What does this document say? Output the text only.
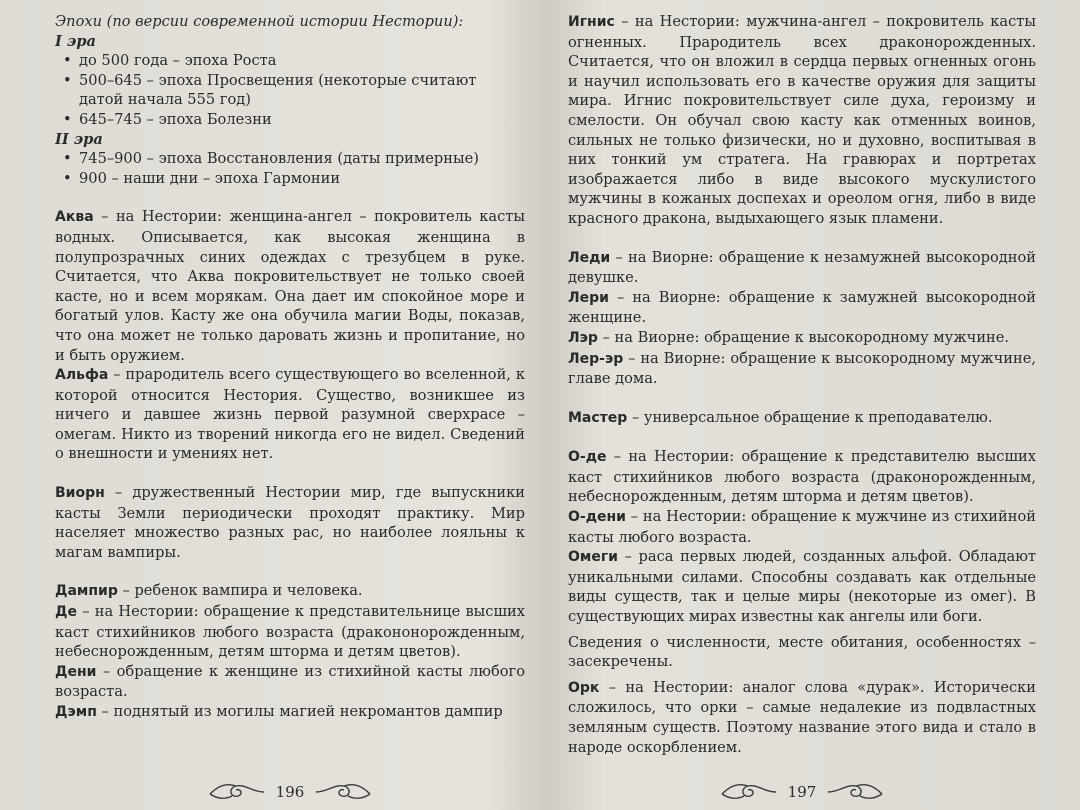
Эпохи (по версии современной истории Нестории):

I эра

• до 500 года – эпоха Роста
• 500–645 – эпоха Просвещения (некоторые считают датой начала 555 год)
• 645–745 – эпоха Болезни

II эра

• 745–900 – эпоха Восстановления (даты примерные)
• 900 – наши дни – эпоха Гармонии

Аква – на Нестории: женщина-ангел – покровитель касты водных. Описывается, как высокая женщина в полупрозрачных синих одеждах с трезубцем в руке. Считается, что Аква покровительствует не только своей касте, но и всем морякам. Она дает им спокойное море и богатый улов. Касту же она обучила магии Воды, показав, что она может не только даровать жизнь и пропитание, но и быть оружием.

Альфа – прародитель всего существующего во вселенной, к которой относится Нестория. Существо, возникшее из ничего и давшее жизнь первой разумной сверхрасе – омегам. Никто из творений никогда его не видел. Сведений о внешности и умениях нет.

Виорн – дружественный Нестории мир, где выпускники касты Земли периодически проходят практику. Мир населяет множество разных рас, но наиболее лояльны к магам вампиры.

Дампир – ребенок вампира и человека.

Де – на Нестории: обращение к представительнице высших каст стихийников любого возраста (дракононорожденным, небеснорожденным, детям шторма и детям цветов).

Дени – обращение к женщине из стихийной касты любого возраста.

Дэмп – поднятый из могилы магией некромантов дампир

196

Игнис – на Нестории: мужчина-ангел – покровитель касты огненных. Прародитель всех драконорожденных. Считается, что он вложил в сердца первых огненных огонь и научил использовать его в качестве оружия для защиты мира. Игнис покровительствует силе духа, героизму и смелости. Он обучал свою касту как отменных воинов, сильных не только физически, но и духовно, воспитывая в них тонкий ум стратега. На гравюрах и портретах изображается либо в виде высокого мускулистого мужчины в кожаных доспехах и ореолом огня, либо в виде красного дракона, выдыхающего язык пламени.

Леди – на Виорне: обращение к незамужней высокородной девушке.

Лери – на Виорне: обращение к замужней высокородной женщине.

Лэр – на Виорне: обращение к высокородному мужчине.

Лер-эр – на Виорне: обращение к высокородному мужчине, главе дома.

Мастер – универсальное обращение к преподавателю.

О-де – на Нестории: обращение к представителю высших каст стихийников любого возраста (драконорожденным, небеснорожденным, детям шторма и детям цветов).

О-дени – на Нестории: обращение к мужчине из стихийной касты любого возраста.

Омеги – раса первых людей, созданных альфой. Обладают уникальными силами. Способны создавать как отдельные виды существ, так и целые миры (некоторые из омег). В существующих мирах известны как ангелы или боги.

Сведения о численности, месте обитания, особенностях – засекречены.

Орк – на Нестории: аналог слова «дурак». Исторически сложилось, что орки – самые недалекие из подвластных земляным существ. Поэтому название этого вида и стало в народе оскорблением.

197
